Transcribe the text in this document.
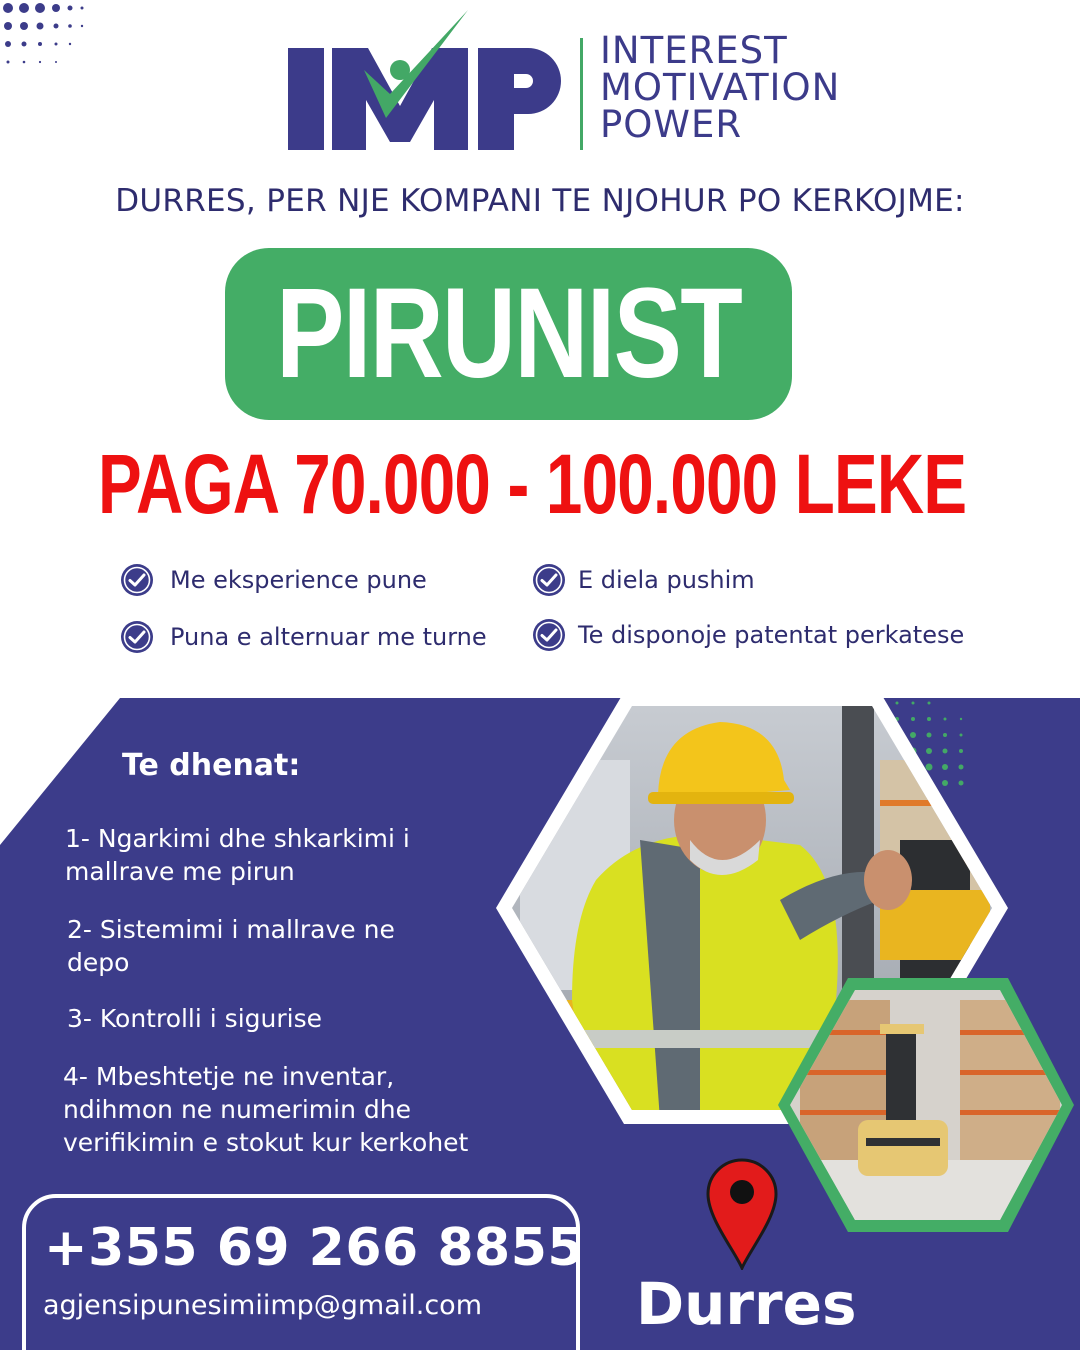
IMP
INTEREST
MOTIVATION
POWER
DURRES, PER NJE KOMPANI TE NJOHUR PO KERKOJME:
PIRUNIST
PAGA 70.000 - 100.000 LEKE
Me eksperience pune	E diela pushim
Puna e alternuar me turne	Te disponoje patentat perkatese
Te dhenat:
1- Ngarkimi dhe shkarkimi i
mallrave me pirun
2- Sistemimi i mallrave ne
depo
3- Kontrolli i sigurise
4- Mbeshtetje ne inventar,
ndihmon ne numerimin dhe
verifikimin e stokut kur kerkohet
+355 69 266 8855
agjensipunesimiimp@gmail.com	Durres
